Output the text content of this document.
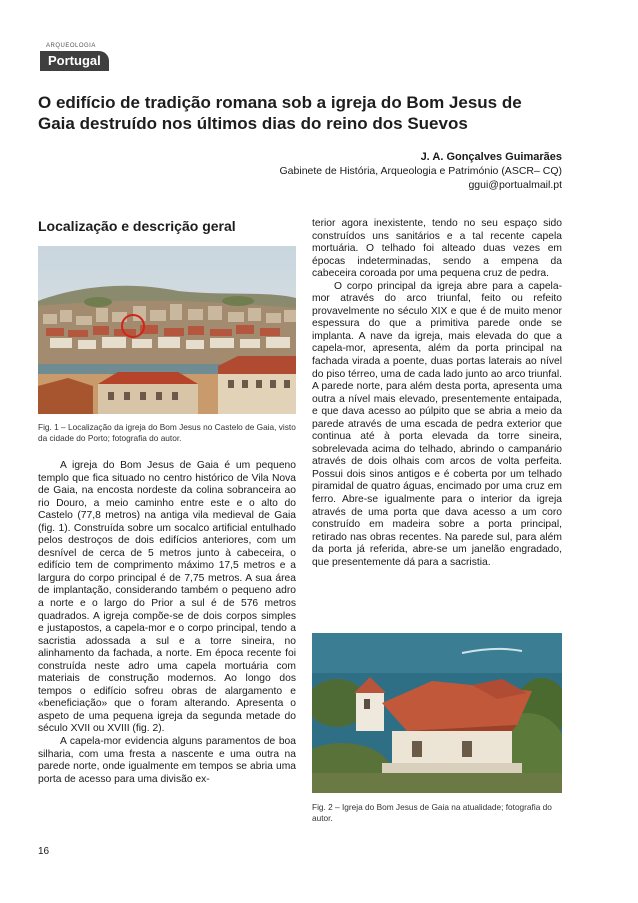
ARQUEOLOGIA
Portugal
O edifício de tradição romana sob a igreja do Bom Jesus de Gaia destruído nos últimos dias do reino dos Suevos
J. A. Gonçalves Guimarães
Gabinete de História, Arqueologia e Património (ASCR– CQ)
ggui@portualmail.pt
Localização e descrição geral
Fig. 1 – Localização da igreja do Bom Jesus no Castelo de Gaia, visto da cidade do Porto; fotografia do autor.

A igreja do Bom Jesus de Gaia é um pequeno templo que fica situado no centro histórico de Vila Nova de Gaia, na encosta nordeste da colina sobranceira ao rio Douro, a meio caminho entre este e o alto do Castelo (77,8 metros) na antiga vila medieval de Gaia (fig. 1). Construída sobre um socalco artificial entulhado pelos destroços de dois edifícios anteriores, com um desnível de cerca de 5 metros junto à cabeceira, o edifício tem de comprimento máximo 17,5 metros e a largura do corpo principal é de 7,75 metros. A sua área de implantação, considerando também o pequeno adro a norte e o largo do Prior a sul é de 576 metros quadrados. A igreja compõe-se de dois corpos simples e justapostos, a capela-mor e o corpo principal, tendo a sacristia adossada a sul e a torre sineira, no alinhamento da fachada, a norte. Em época recente foi construída neste adro uma capela mortuária com materiais de construção modernos. Ao longo dos tempos o edifício sofreu obras de alargamento e «beneficiação» que o foram alterando. Apresenta o aspeto de uma pequena igreja da segunda metade do século XVII ou XVIII (fig. 2).

A capela-mor evidencia alguns paramentos de boa silharia, com uma fresta a nascente e uma outra na parede norte, onde igualmente em tempos se abria uma porta de acesso para uma divisão ex-

terior agora inexistente, tendo no seu espaço sido construídos uns sanitários e a tal recente capela mortuária. O telhado foi alteado duas vezes em épocas indeterminadas, sendo a empena da cabeceira coroada por uma pequena cruz de pedra.

O corpo principal da igreja abre para a capela-mor através do arco triunfal, feito ou refeito provavelmente no século XIX e que é de muito menor espessura do que a primitiva parede onde se implanta. A nave da igreja, mais elevada do que a capela-mor, apresenta, além da porta principal na fachada virada a poente, duas portas laterais ao nível do piso térreo, uma de cada lado junto ao arco triunfal. A parede norte, para além desta porta, apresenta uma outra a nível mais elevado, presentemente entaipada, e que dava acesso ao púlpito que se abria a meio da parede através de uma escada de pedra exterior que continua até à porta elevada da torre sineira, sobrelevada acima do telhado, abrindo o campanário através de dois olhais com arcos de volta perfeita. Possui dois sinos antigos e é coberta por um telhado piramidal de quatro águas, encimado por uma cruz em ferro. Abre-se igualmente para o interior da igreja através de uma porta que dava acesso a um coro construído em madeira sobre a porta principal, retirado nas obras recentes. Na parede sul, para além da porta já referida, abre-se um janelão engradado, que presentemente dá para a sacristia.

Fig. 2 – Igreja do Bom Jesus de Gaia na atualidade; fotografia do autor.
16
